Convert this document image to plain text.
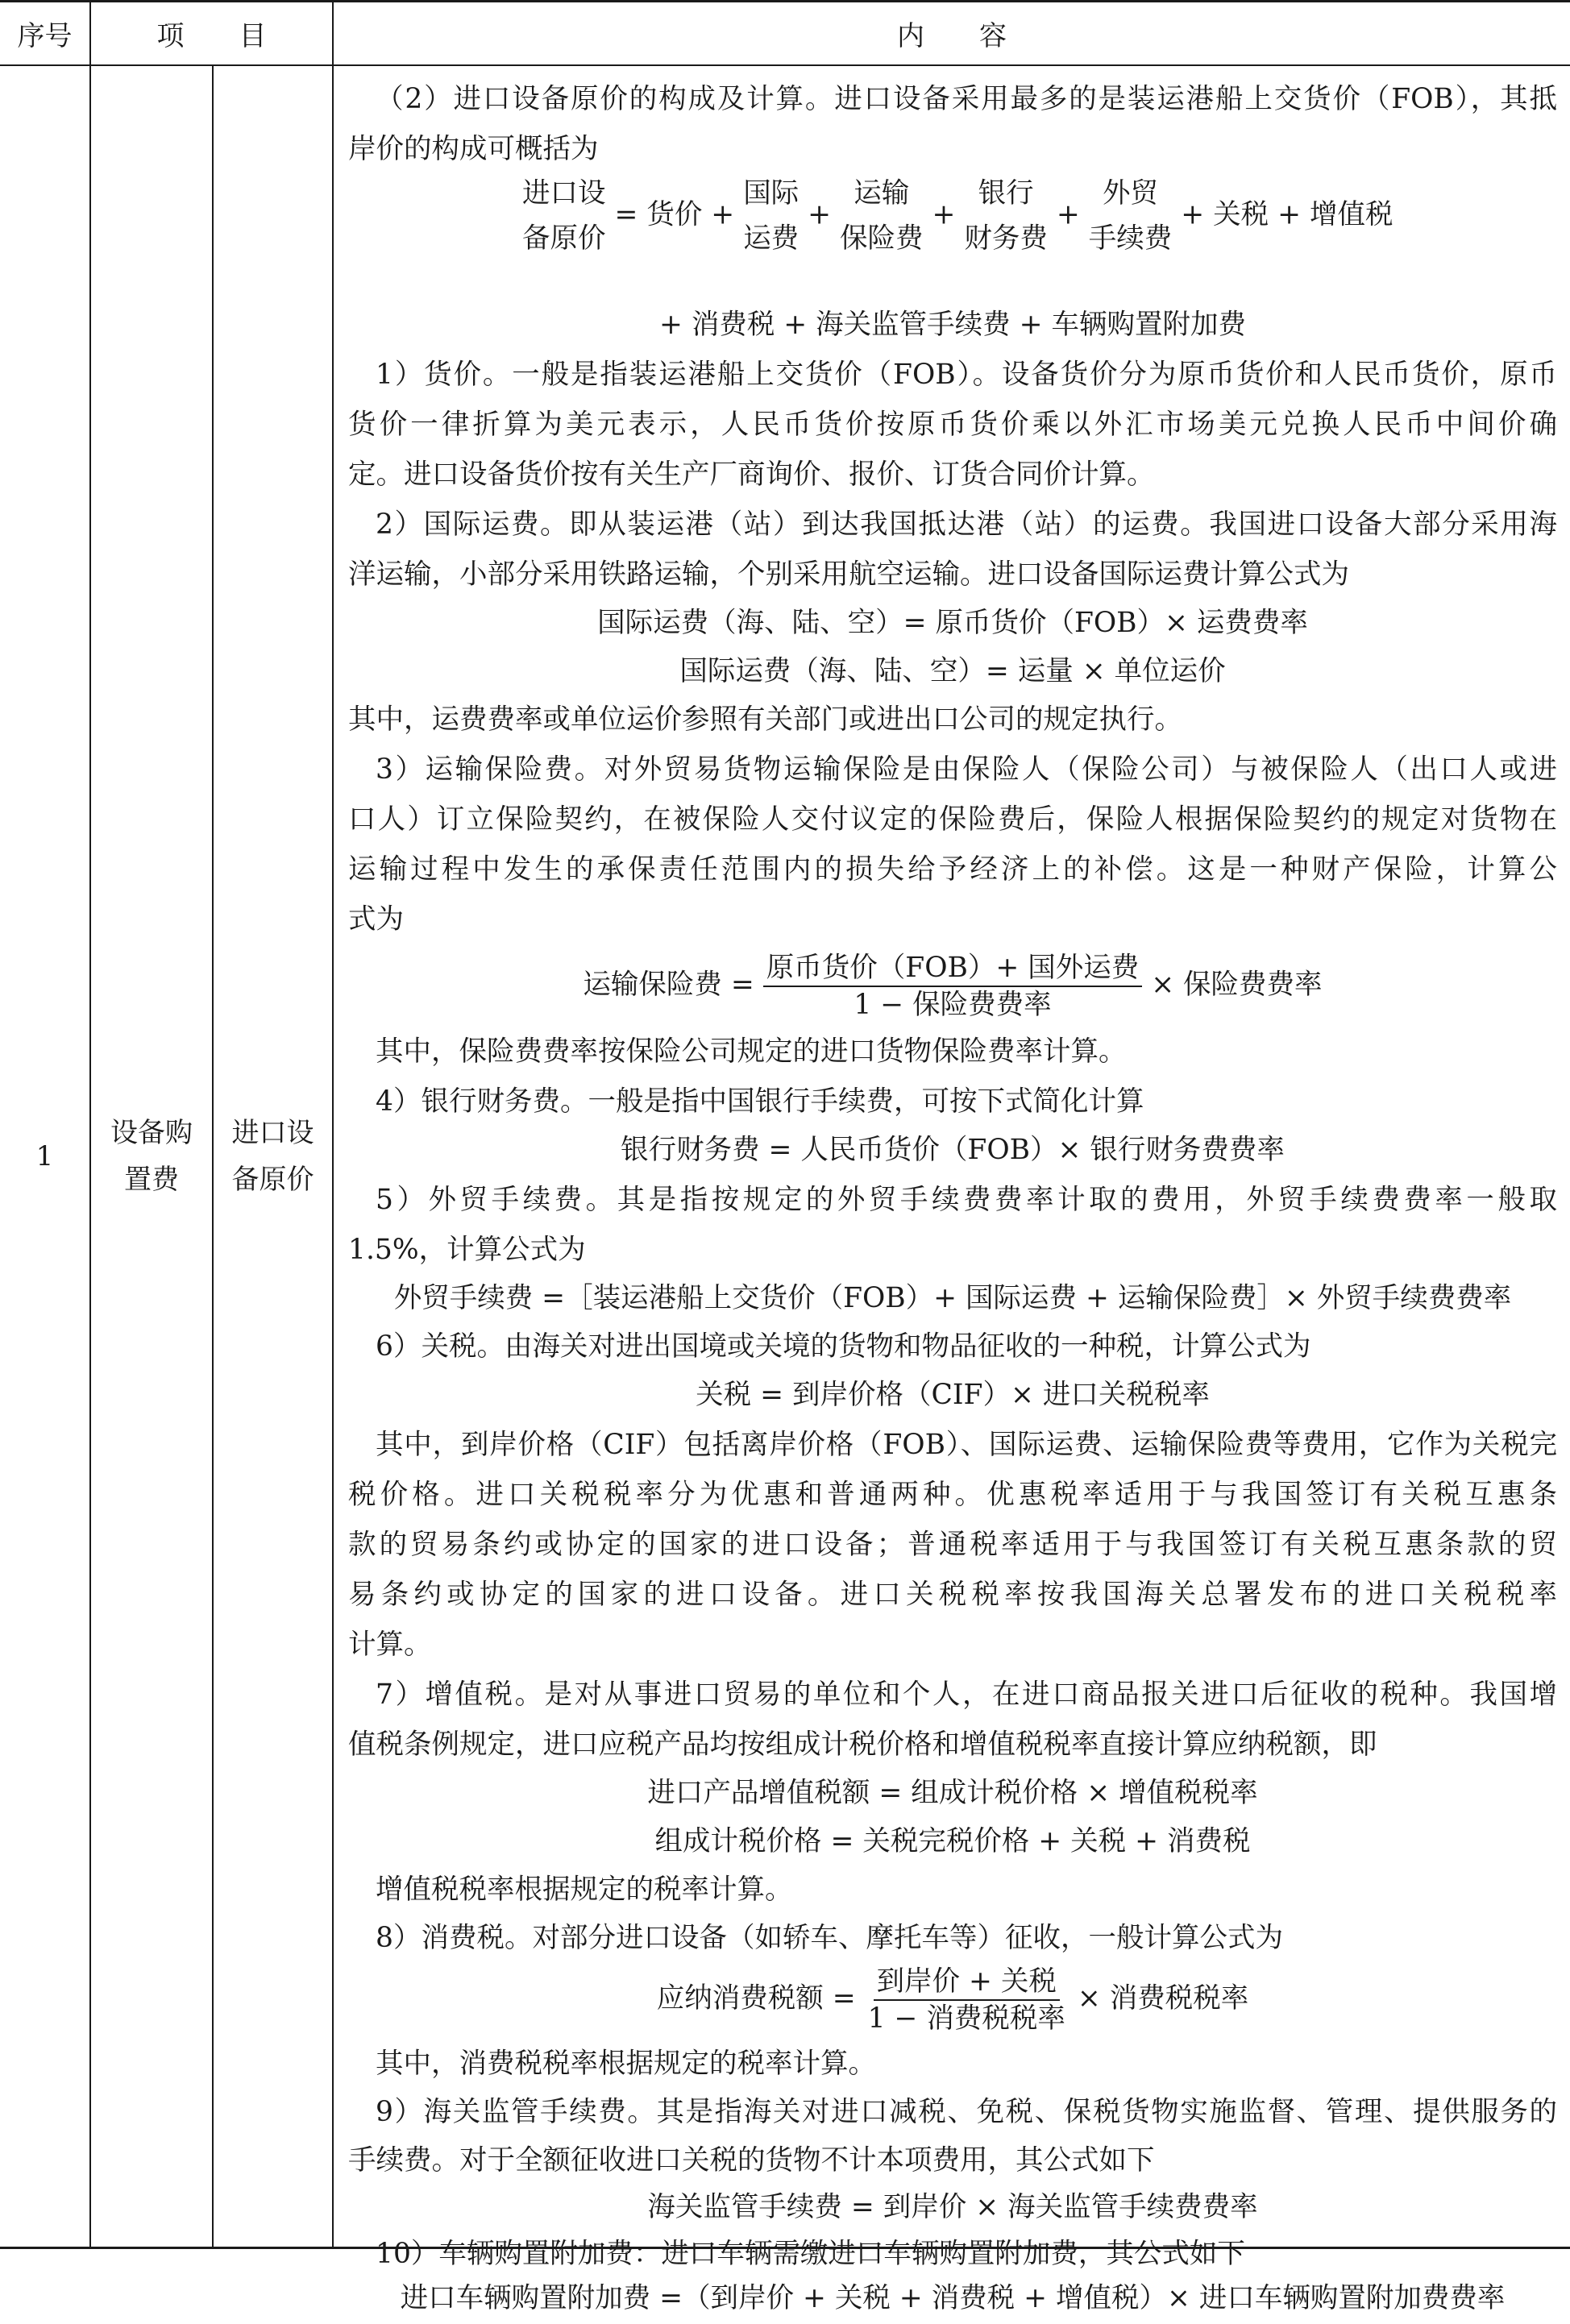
序号	项　　目	内　　容
1
设备购
置费
进口设
备原价
（2）进口设备原价的构成及计算。进口设备采用最多的是装运港船上交货价（FOB），其抵
岸价的构成可概括为
进口设
备原价
= 货价 +
国际
运费
+
运输
保险费
+
银行
财务费
+
外贸
手续费
+ 关税 + 增值税
+ 消费税 + 海关监管手续费 + 车辆购置附加费
1）货价。一般是指装运港船上交货价（FOB）。设备货价分为原币货价和人民币货价，原币
货价一律折算为美元表示，人民币货价按原币货价乘以外汇市场美元兑换人民币中间价确
定。进口设备货价按有关生产厂商询价、报价、订货合同价计算。
2）国际运费。即从装运港（站）到达我国抵达港（站）的运费。我国进口设备大部分采用海
洋运输，小部分采用铁路运输，个别采用航空运输。进口设备国际运费计算公式为
国际运费（海、陆、空）= 原币货价（FOB）× 运费费率
国际运费（海、陆、空）= 运量 × 单位运价
其中，运费费率或单位运价参照有关部门或进出口公司的规定执行。
3）运输保险费。对外贸易货物运输保险是由保险人（保险公司）与被保险人（出口人或进
口人）订立保险契约，在被保险人交付议定的保险费后，保险人根据保险契约的规定对货物在
运输过程中发生的承保责任范围内的损失给予经济上的补偿。这是一种财产保险，计算公
式为
运输保险费 = $\frac{\text{原币货价（FOB）+ 国外运费}}{\text{1 − 保险费费率}}$ × 保险费费率
其中，保险费费率按保险公司规定的进口货物保险费率计算。
4）银行财务费。一般是指中国银行手续费，可按下式简化计算
银行财务费 = 人民币货价（FOB）× 银行财务费费率
5）外贸手续费。其是指按规定的外贸手续费费率计取的费用，外贸手续费费率一般取
1.5%，计算公式为
外贸手续费 =［装运港船上交货价（FOB）+ 国际运费 + 运输保险费］× 外贸手续费费率
6）关税。由海关对进出国境或关境的货物和物品征收的一种税，计算公式为
关税 = 到岸价格（CIF）× 进口关税税率
其中，到岸价格（CIF）包括离岸价格（FOB）、国际运费、运输保险费等费用，它作为关税完
税价格。进口关税税率分为优惠和普通两种。优惠税率适用于与我国签订有关税互惠条
款的贸易条约或协定的国家的进口设备；普通税率适用于与我国签订有关税互惠条款的贸
易条约或协定的国家的进口设备。进口关税税率按我国海关总署发布的进口关税税率
计算。
7）增值税。是对从事进口贸易的单位和个人，在进口商品报关进口后征收的税种。我国增
值税条例规定，进口应税产品均按组成计税价格和增值税税率直接计算应纳税额，即
进口产品增值税额 = 组成计税价格 × 增值税税率
组成计税价格 = 关税完税价格 + 关税 + 消费税
增值税税率根据规定的税率计算。
8）消费税。对部分进口设备（如轿车、摩托车等）征收，一般计算公式为
应纳消费税额 = $\frac{\text{到岸价 + 关税}}{\text{1 − 消费税税率}}$ × 消费税税率
其中，消费税税率根据规定的税率计算。
9）海关监管手续费。其是指海关对进口减税、免税、保税货物实施监督、管理、提供服务的
手续费。对于全额征收进口关税的货物不计本项费用，其公式如下
海关监管手续费 = 到岸价 × 海关监管手续费费率
10）车辆购置附加费：进口车辆需缴进口车辆购置附加费，其公式如下
进口车辆购置附加费 =（到岸价 + 关税 + 消费税 + 增值税）× 进口车辆购置附加费费率
